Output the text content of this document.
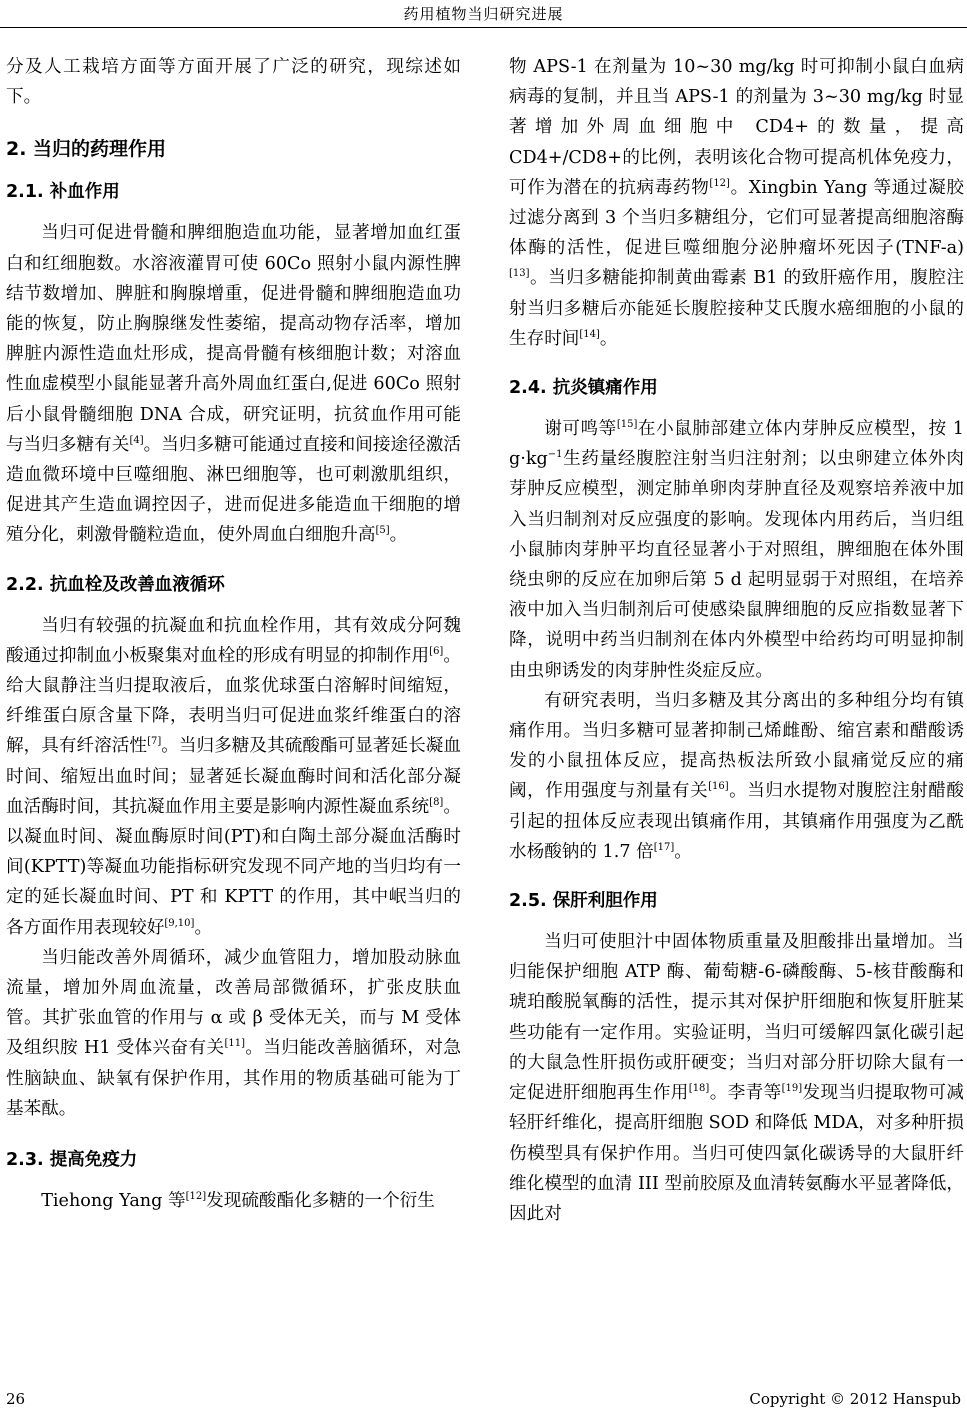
药用植物当归研究进展

分及人工栽培方面等方面开展了广泛的研究，现综述如下。

2. 当归的药理作用
2.1. 补血作用

当归可促进骨髓和脾细胞造血功能，显著增加血红蛋白和红细胞数。水溶液灌胃可使 60Co 照射小鼠内源性脾结节数增加、脾脏和胸腺增重，促进骨髓和脾细胞造血功能的恢复，防止胸腺继发性萎缩，提高动物存活率，增加脾脏内源性造血灶形成，提高骨髓有核细胞计数；对溶血性血虚模型小鼠能显著升高外周血红蛋白,促进 60Co 照射后小鼠骨髓细胞 DNA 合成，研究证明，抗贫血作用可能与当归多糖有关[4]。当归多糖可能通过直接和间接途径激活造血微环境中巨噬细胞、淋巴细胞等，也可刺激肌组织，促进其产生造血调控因子，进而促进多能造血干细胞的增殖分化，刺激骨髓粒造血，使外周血白细胞升高[5]。

2.2. 抗血栓及改善血液循环

当归有较强的抗凝血和抗血栓作用，其有效成分阿魏酸通过抑制血小板聚集对血栓的形成有明显的抑制作用[6]。给大鼠静注当归提取液后，血浆优球蛋白溶解时间缩短，纤维蛋白原含量下降，表明当归可促进血浆纤维蛋白的溶解，具有纤溶活性[7]。当归多糖及其硫酸酯可显著延长凝血时间、缩短出血时间；显著延长凝血酶时间和活化部分凝血活酶时间，其抗凝血作用主要是影响内源性凝血系统[8]。以凝血时间、凝血酶原时间(PT)和白陶土部分凝血活酶时间(KPTT)等凝血功能指标研究发现不同产地的当归均有一定的延长凝血时间、PT 和 KPTT 的作用，其中岷当归的各方面作用表现较好[9,10]。

当归能改善外周循环，减少血管阻力，增加股动脉血流量，增加外周血流量，改善局部微循环，扩张皮肤血管。其扩张血管的作用与 α 或 β 受体无关，而与 M 受体及组织胺 H1 受体兴奋有关[11]。当归能改善脑循环，对急性脑缺血、缺氧有保护作用，其作用的物质基础可能为丁基苯酞。

2.3. 提高免疫力

Tiehong Yang 等[12]发现硫酸酯化多糖的一个衍生

物 APS-1 在剂量为 10~30 mg/kg 时可抑制小鼠白血病病毒的复制，并且当 APS-1 的剂量为 3~30 mg/kg 时显著增加外周血细胞中 CD4+的数量，提高 CD4+/CD8+的比例，表明该化合物可提高机体免疫力，可作为潜在的抗病毒药物[12]。Xingbin Yang 等通过凝胶过滤分离到 3 个当归多糖组分，它们可显著提高细胞溶酶体酶的活性，促进巨噬细胞分泌肿瘤坏死因子(TNF-a)[13]。当归多糖能抑制黄曲霉素 B1 的致肝癌作用，腹腔注射当归多糖后亦能延长腹腔接种艾氏腹水癌细胞的小鼠的生存时间[14]。

2.4. 抗炎镇痛作用

谢可鸣等[15]在小鼠肺部建立体内芽肿反应模型，按 1 $g\cdot kg^{-1}$生药量经腹腔注射当归注射剂；以虫卵建立体外肉芽肿反应模型，测定肺单卵肉芽肿直径及观察培养液中加入当归制剂对反应强度的影响。发现体内用药后，当归组小鼠肺肉芽肿平均直径显著小于对照组，脾细胞在体外围绕虫卵的反应在加卵后第 5 d 起明显弱于对照组，在培养液中加入当归制剂后可使感染鼠脾细胞的反应指数显著下降，说明中药当归制剂在体内外模型中给药均可明显抑制由虫卵诱发的肉芽肿性炎症反应。

有研究表明，当归多糖及其分离出的多种组分均有镇痛作用。当归多糖可显著抑制己烯雌酚、缩宫素和醋酸诱发的小鼠扭体反应，提高热板法所致小鼠痛觉反应的痛阈，作用强度与剂量有关[16]。当归水提物对腹腔注射醋酸引起的扭体反应表现出镇痛作用，其镇痛作用强度为乙酰水杨酸钠的 1.7 倍[17]。

2.5. 保肝利胆作用

当归可使胆汁中固体物质重量及胆酸排出量增加。当归能保护细胞 ATP 酶、葡萄糖-6-磷酸酶、5-核苷酸酶和琥珀酸脱氧酶的活性，提示其对保护肝细胞和恢复肝脏某些功能有一定作用。实验证明，当归可缓解四氯化碳引起的大鼠急性肝损伤或肝硬变；当归对部分肝切除大鼠有一定促进肝细胞再生作用[18]。李青等[19]发现当归提取物可减轻肝纤维化，提高肝细胞 SOD 和降低 MDA，对多种肝损伤模型具有保护作用。当归可使四氯化碳诱导的大鼠肝纤维化模型的血清 III 型前胶原及血清转氨酶水平显著降低，因此对

26	Copyright © 2012 Hanspub
